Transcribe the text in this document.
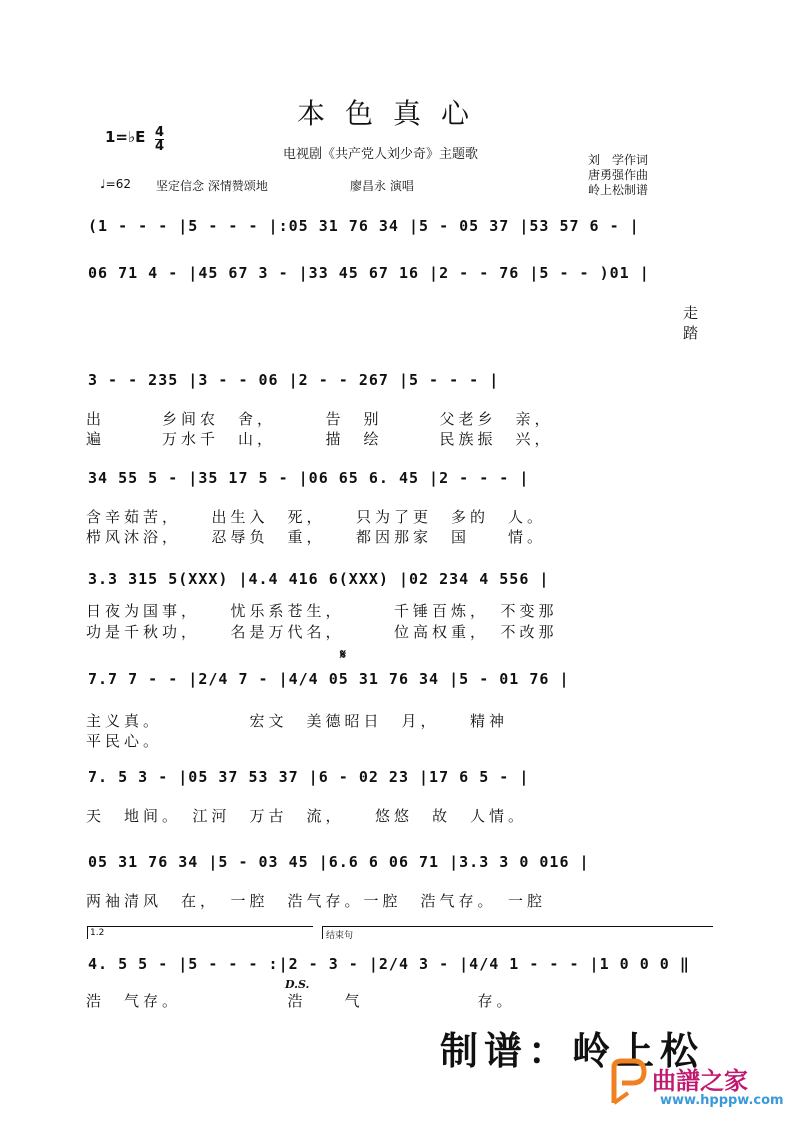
本色真心
1=♭E 4
4
电视剧《共产党人刘少奇》主题歌	刘　学作词
唐勇强作曲
岭上松制谱
♩=62 坚定信念 深情赞颂地	廖昌永 演唱
(1 - - - |5 - - - |:05 31 76 34 |5 - 05 37 |53 57 6 - |
06 71 4 - |45 67 3 - |33 45 67 16 |2 - - 76 |5 - - )01 |
走
踏
3 - - 235 |3 - - 06 |2 - - 267 |5 - - - |
出　　　乡间农　舍，　　　告　别　　　父老乡　亲，
遍　　　万水千　山，　　　描　绘　　　民族振　兴，
34 55 5 - |35 17 5 - |06 65 6. 45 |2 - - - |
含辛茹苦，　　出生入　死，　　只为了更　多的　人。
栉风沐浴，　　忍辱负　重，　　都因那家　国　　情。
3.3 315 5(XXX) |4.4 416 6(XXX) |02 234 4 556 |
日夜为国事，　　忧乐系苍生，　　　千锤百炼，　不变那
功是千秋功，　　名是万代名，　　　位高权重，　不改那
𝄋
7.7 7 - - |2/4 7 - |4/4 05 31 76 34 |5 - 01 76 |
主义真。　　　　　宏文　美德昭日　月，　　精神
平民心。
7. 5 3 - |05 37 53 37 |6 - 02 23 |17 6 5 - |
天　地间。　江河　万古　流，　　悠悠　故　人情。
05 31 76 34 |5 - 03 45 |6.6 6 06 71 |3.3 3 0 016 |
两袖清风　在，　一腔　浩气存。一腔　浩气存。　一腔
1.2	结束句
4. 5 5 - |5 - - - :|2 - 3 - |2/4 3 - |4/4 1 - - - |1 0 0 0 ‖
D.S.
浩　气存。　　　　　　浩　　气　　　　　　存。
制谱：岭上松
曲譜之家
www.hpppw.com
